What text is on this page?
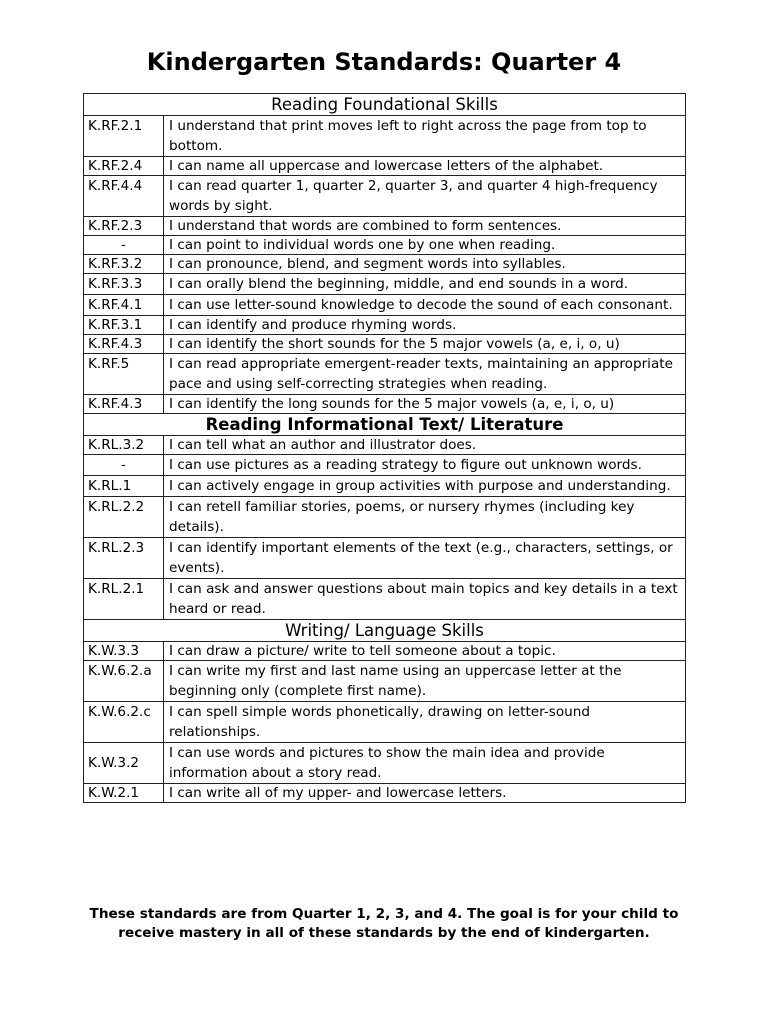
Kindergarten Standards: Quarter 4
Reading Foundational Skills	
K.RF.2.1	I understand that print moves left to right across the page from top to bottom.
K.RF.2.4	I can name all uppercase and lowercase letters of the alphabet.
K.RF.4.4	I can read quarter 1, quarter 2, quarter 3, and quarter 4 high-frequency words by sight.
K.RF.2.3	I understand that words are combined to form sentences.
-	I can point to individual words one by one when reading.
K.RF.3.2	I can pronounce, blend, and segment words into syllables.
K.RF.3.3	I can orally blend the beginning, middle, and end sounds in a word.
K.RF.4.1	I can use letter-sound knowledge to decode the sound of each consonant.
K.RF.3.1	I can identify and produce rhyming words.
K.RF.4.3	I can identify the short sounds for the 5 major vowels (a, e, i, o, u)
K.RF.5	I can read appropriate emergent-reader texts, maintaining an appropriate pace and using self-correcting strategies when reading.
K.RF.4.3	I can identify the long sounds for the 5 major vowels (a, e, i, o, u)
Reading Informational Text/ Literature	
K.RL.3.2	I can tell what an author and illustrator does.
-	I can use pictures as a reading strategy to figure out unknown words.
K.RL.1	I can actively engage in group activities with purpose and understanding.
K.RL.2.2	I can retell familiar stories, poems, or nursery rhymes (including key details).
K.RL.2.3	I can identify important elements of the text (e.g., characters, settings, or events).
K.RL.2.1	I can ask and answer questions about main topics and key details in a text heard or read.
Writing/ Language Skills	
K.W.3.3	I can draw a picture/ write to tell someone about a topic.
K.W.6.2.a	I can write my first and last name using an uppercase letter at the beginning only (complete first name).
K.W.6.2.c	I can spell simple words phonetically, drawing on letter-sound relationships.
K.W.3.2	I can use words and pictures to show the main idea and provide information about a story read.
K.W.2.1	I can write all of my upper- and lowercase letters.
These standards are from Quarter 1, 2, 3, and 4. The goal is for your child to receive mastery in all of these standards by the end of kindergarten.
